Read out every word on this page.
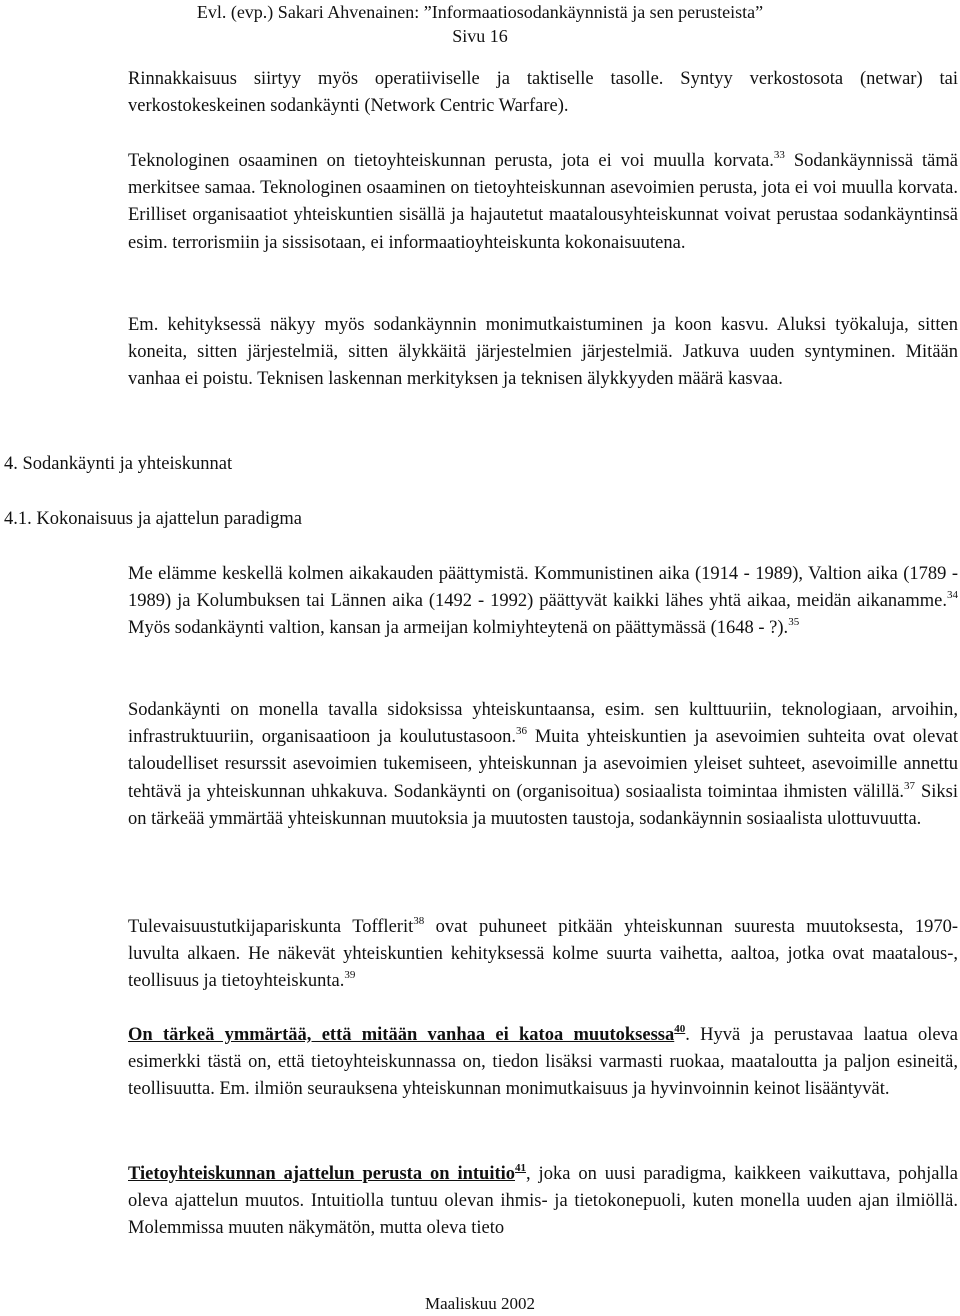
Evl. (evp.) Sakari Ahvenainen: ”Informaatiosodankäynnistä ja sen perusteista”
Sivu 16

Rinnakkaisuus siirtyy myös operatiiviselle ja taktiselle tasolle. Syntyy verkostosota (netwar) tai verkostokeskeinen sodankäynti (Network Centric Warfare).

Teknologinen osaaminen on tietoyhteiskunnan perusta, jota ei voi muulla korvata.$^{33}$ Sodankäynnissä tämä merkitsee samaa. Teknologinen osaaminen on tietoyhteiskunnan asevoimien perusta, jota ei voi muulla korvata. Erilliset organisaatiot yhteiskuntien sisällä ja hajautetut maatalousyhteiskunnat voivat perustaa sodankäyntinsä esim. terrorismiin ja sissisotaan, ei informaatioyhteiskunta kokonaisuutena.

Em. kehityksessä näkyy myös sodankäynnin monimutkaistuminen ja koon kasvu. Aluksi työkaluja, sitten koneita, sitten järjestelmiä, sitten älykkäitä järjestelmien järjestelmiä. Jatkuva uuden syntyminen. Mitään vanhaa ei poistu. Teknisen laskennan merkityksen ja teknisen älykkyyden määrä kasvaa.

4. Sodankäynti ja yhteiskunnat
4.1. Kokonaisuus ja ajattelun paradigma

Me elämme keskellä kolmen aikakauden päättymistä. Kommunistinen aika (1914 - 1989), Valtion aika (1789 - 1989) ja Kolumbuksen tai Lännen aika (1492 - 1992) päättyvät kaikki lähes yhtä aikaa, meidän aikanamme.$^{34}$ Myös sodankäynti valtion, kansan ja armeijan kolmiyhteytenä on päättymässä (1648 - ?).$^{35}$

Sodankäynti on monella tavalla sidoksissa yhteiskuntaansa, esim. sen kulttuuriin, teknologiaan, arvoihin, infrastruktuuriin, organisaatioon ja koulutustasoon.$^{36}$ Muita yhteiskuntien ja asevoimien suhteita ovat olevat taloudelliset resurssit asevoimien tukemiseen, yhteiskunnan ja asevoimien yleiset suhteet, asevoimille annettu tehtävä ja yhteiskunnan uhkakuva. Sodankäynti on (organisoitua) sosiaalista toimintaa ihmisten välillä.$^{37}$ Siksi on tärkeää ymmärtää yhteiskunnan muutoksia ja muutosten taustoja, sodankäynnin sosiaalista ulottuvuutta.

Tulevaisuustutkijapariskunta Tofflerit$^{38}$ ovat puhuneet pitkään yhteiskunnan suuresta muutoksesta, 1970- luvulta alkaen. He näkevät yhteiskuntien kehityksessä kolme suurta vaihetta, aaltoa, jotka ovat maatalous-, teollisuus ja tietoyhteiskunta.$^{39}$

On tärkeä ymmärtää, että mitään vanhaa ei katoa muutoksessa$^{40}$. Hyvä ja perustavaa laatua oleva esimerkki tästä on, että tietoyhteiskunnassa on, tiedon lisäksi varmasti ruokaa, maataloutta ja paljon esineitä, teollisuutta. Em. ilmiön seurauksena yhteiskunnan monimutkaisuus ja hyvinvoinnin keinot lisääntyvät.

Tietoyhteiskunnan ajattelun perusta on intuitio$^{41}$, joka on uusi paradigma, kaikkeen vaikuttava, pohjalla oleva ajattelun muutos. Intuitiolla tuntuu olevan ihmis- ja tietokonepuoli, kuten monella uuden ajan ilmiöllä. Molemmissa muuten näkymätön, mutta oleva tieto

Maaliskuu 2002
